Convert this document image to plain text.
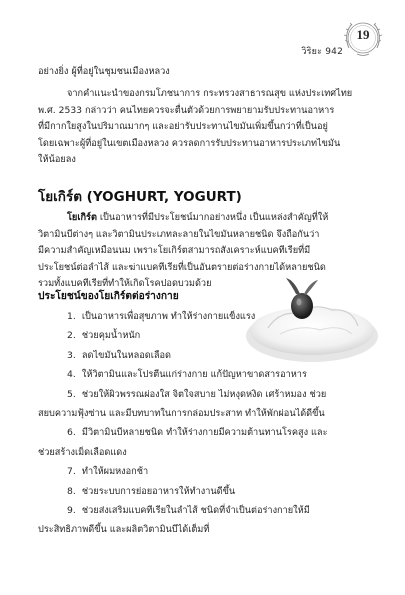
วิริยะ 942
19

อย่างยิ่ง ผู้ที่อยู่ในชุมชนเมืองหลวง

จากคำแนะนำของกรมโภชนาการ กระทรวงสาธารณสุข แห่งประเทศไทย
พ.ศ. 2533 กล่าวว่า คนไทยควรจะตื่นตัวด้วยการพยายามรับประทานอาหาร
ที่มีกากใยสูงในปริมาณมากๆ และอย่ารับประทานไขมันเพิ่มขึ้นกว่าที่เป็นอยู่
โดยเฉพาะผู้ที่อยู่ในเขตเมืองหลวง ควรลดการรับประทานอาหารประเภทไขมัน
ให้น้อยลง

โยเกิร์ต (YOGHURT, YOGURT)

โยเกิร์ต เป็นอาหารที่มีประโยชน์มากอย่างหนึ่ง เป็นแหล่งสำคัญที่ให้
วิตามินบีต่างๆ และวิตามินประเภทละลายในไขมันหลายชนิด จึงถือกันว่า
มีความสำคัญเหมือนนม เพราะโยเกิร์ตสามารถสังเคราะห์แบคทีเรียที่มี
ประโยชน์ต่อลำไส้ และฆ่าแบคทีเรียที่เป็นอันตรายต่อร่างกายได้หลายชนิด
รวมทั้งแบคทีเรียที่ทำให้เกิดโรคปอดบวมด้วย

ประโยชน์ของโยเกิร์ตต่อร่างกาย
1. เป็นอาหารเพื่อสุขภาพ ทำให้ร่างกายแข็งแรง
2. ช่วยคุมน้ำหนัก
3. ลดไขมันในหลอดเลือด
4. ให้วิตามินและโปรตีนแก่ร่างกาย แก้ปัญหาขาดสารอาหาร
5. ช่วยให้ผิวพรรณผ่องใส จิตใจสบาย ไม่หงุดหงิด เศร้าหมอง ช่วย
สยบความฟุ้งซ่าน และมีบทบาทในการกล่อมประสาท ทำให้พักผ่อนได้ดีขึ้น
6. มีวิตามินบีหลายชนิด ทำให้ร่างกายมีความต้านทานโรคสูง และ
ช่วยสร้างเม็ดเลือดแดง
7. ทำให้ผมหงอกช้า
8. ช่วยระบบการย่อยอาหารให้ทำงานดีขึ้น
9. ช่วยส่งเสริมแบคทีเรียในลำไส้ ชนิดที่จำเป็นต่อร่างกายให้มี
ประสิทธิภาพดีขึ้น และผลิตวิตามินบีได้เต็มที่
